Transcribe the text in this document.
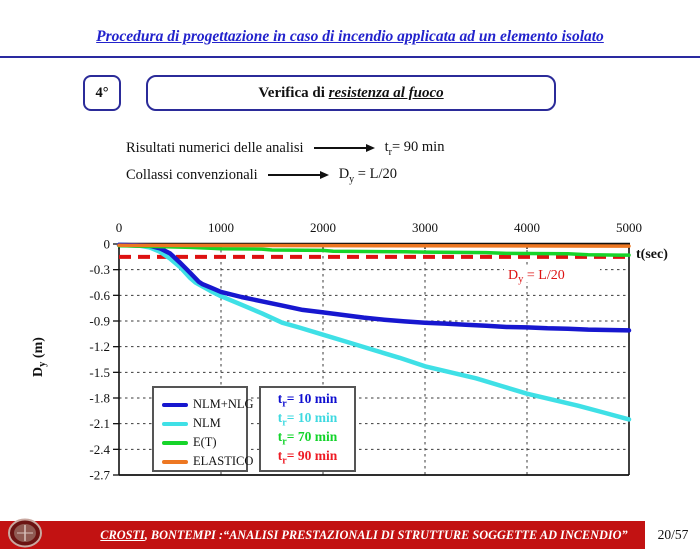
Procedura di progettazione in caso di incendio applicata ad un elemento isolato
4°	Verifica di resistenza al fuoco
Risultati numerici delle analisi	$t_r= 90$ min
Collassi convenzionali	$D_y = L/20$
0	1000	2000	3000	4000	5000
0
-0.3
-0.6
-0.9
-1.2
-1.5
-1.8
-2.1
-2.4
-2.7
$D_y = L/20$
t(sec)
$D_y$ (m)
NLM+NLG
NLM
E(T)
ELASTICO
$t_r= 10$ min
$t_r= 10$ min
$t_r= 70$ min
$t_r= 90$ min
CROSTI , BONTEMPI : “ANALISI PRESTAZIONALI DI STRUTTURE SOGGETTE AD INCENDIO” 20/57
